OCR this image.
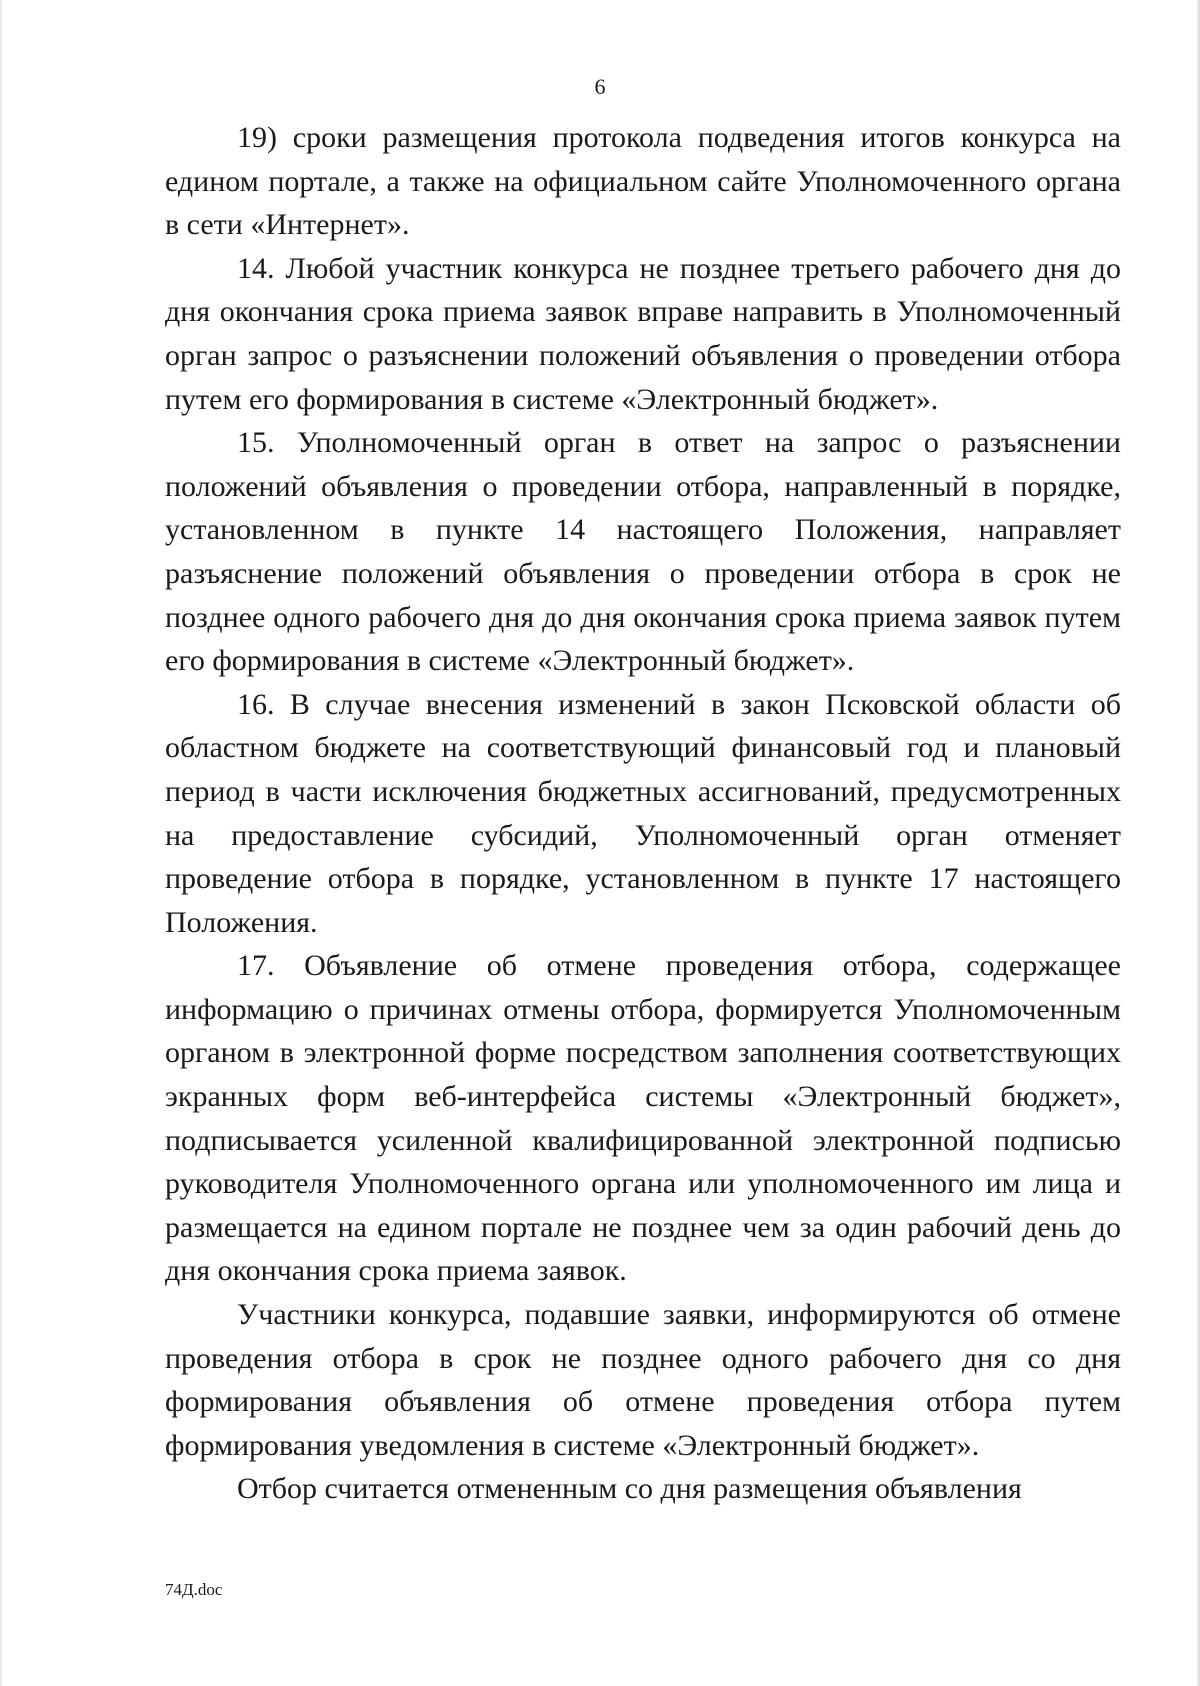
6

19) сроки размещения протокола подведения итогов конкурса на едином портале, а также на официальном сайте Уполномоченного органа в сети «Интернет».

14. Любой участник конкурса не позднее третьего рабочего дня до дня окончания срока приема заявок вправе направить в Уполномоченный орган запрос о разъяснении положений объявления о проведении отбора путем его формирования в системе «Электронный бюджет».

15. Уполномоченный орган в ответ на запрос о разъяснении положений объявления о проведении отбора, направленный в порядке, установленном в пункте 14 настоящего Положения, направляет разъяснение положений объявления о проведении отбора в срок не позднее одного рабочего дня до дня окончания срока приема заявок путем его формирования в системе «Электронный бюджет».

16. В случае внесения изменений в закон Псковской области об областном бюджете на соответствующий финансовый год и плановый период в части исключения бюджетных ассигнований, предусмотренных на предоставление субсидий, Уполномоченный орган отменяет проведение отбора в порядке, установленном в пункте 17 настоящего Положения.

17. Объявление об отмене проведения отбора, содержащее информацию о причинах отмены отбора, формируется Уполномоченным органом в электронной форме посредством заполнения соответствующих экранных форм веб-интерфейса системы «Электронный бюджет», подписывается усиленной квалифицированной электронной подписью руководителя Уполномоченного органа или уполномоченного им лица и размещается на едином портале не позднее чем за один рабочий день до дня окончания срока приема заявок.

Участники конкурса, подавшие заявки, информируются об отмене проведения отбора в срок не позднее одного рабочего дня со дня формирования объявления об отмене проведения отбора путем формирования уведомления в системе «Электронный бюджет».

Отбор считается отмененным со дня размещения объявления

74Д.doc
